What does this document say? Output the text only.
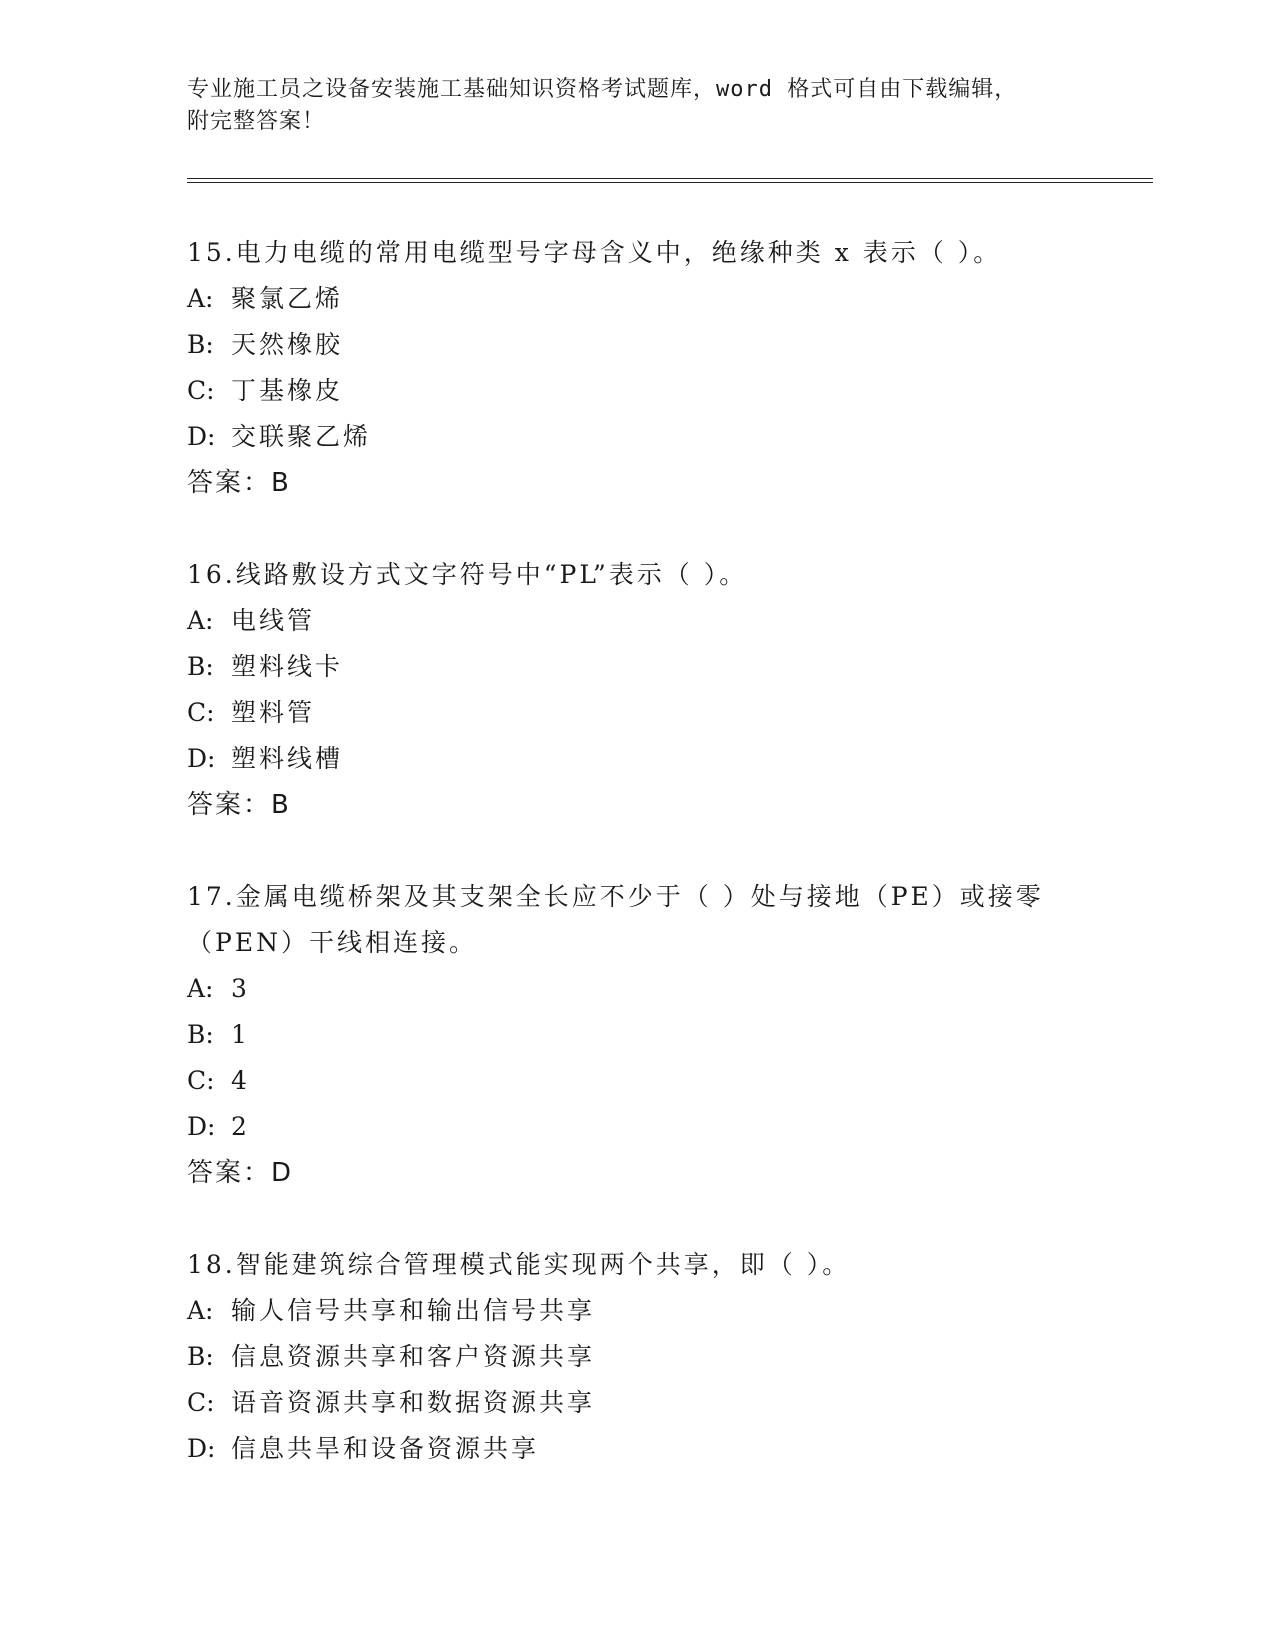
专业施工员之设备安装施工基础知识资格考试题库，word 格式可自由下载编辑，

附完整答案！

15.电力电缆的常用电缆型号字母含义中，绝缘种类 x 表示（ ）。
A: 聚氯乙烯
B: 天然橡胶
C: 丁基橡皮
D: 交联聚乙烯
答案：B
16.线路敷设方式文字符号中“PL”表示（ ）。
A: 电线管
B: 塑料线卡
C: 塑料管
D: 塑料线槽
答案：B
17.金属电缆桥架及其支架全长应不少于（ ）处与接地（PE）或接零
（PEN）干线相连接。
A: 3
B: 1
C: 4
D: 2
答案：D
18.智能建筑综合管理模式能实现两个共享，即（ ）。
A: 输人信号共享和输出信号共享
B: 信息资源共享和客户资源共享
C: 语音资源共享和数据资源共享
D: 信息共旱和设备资源共享
